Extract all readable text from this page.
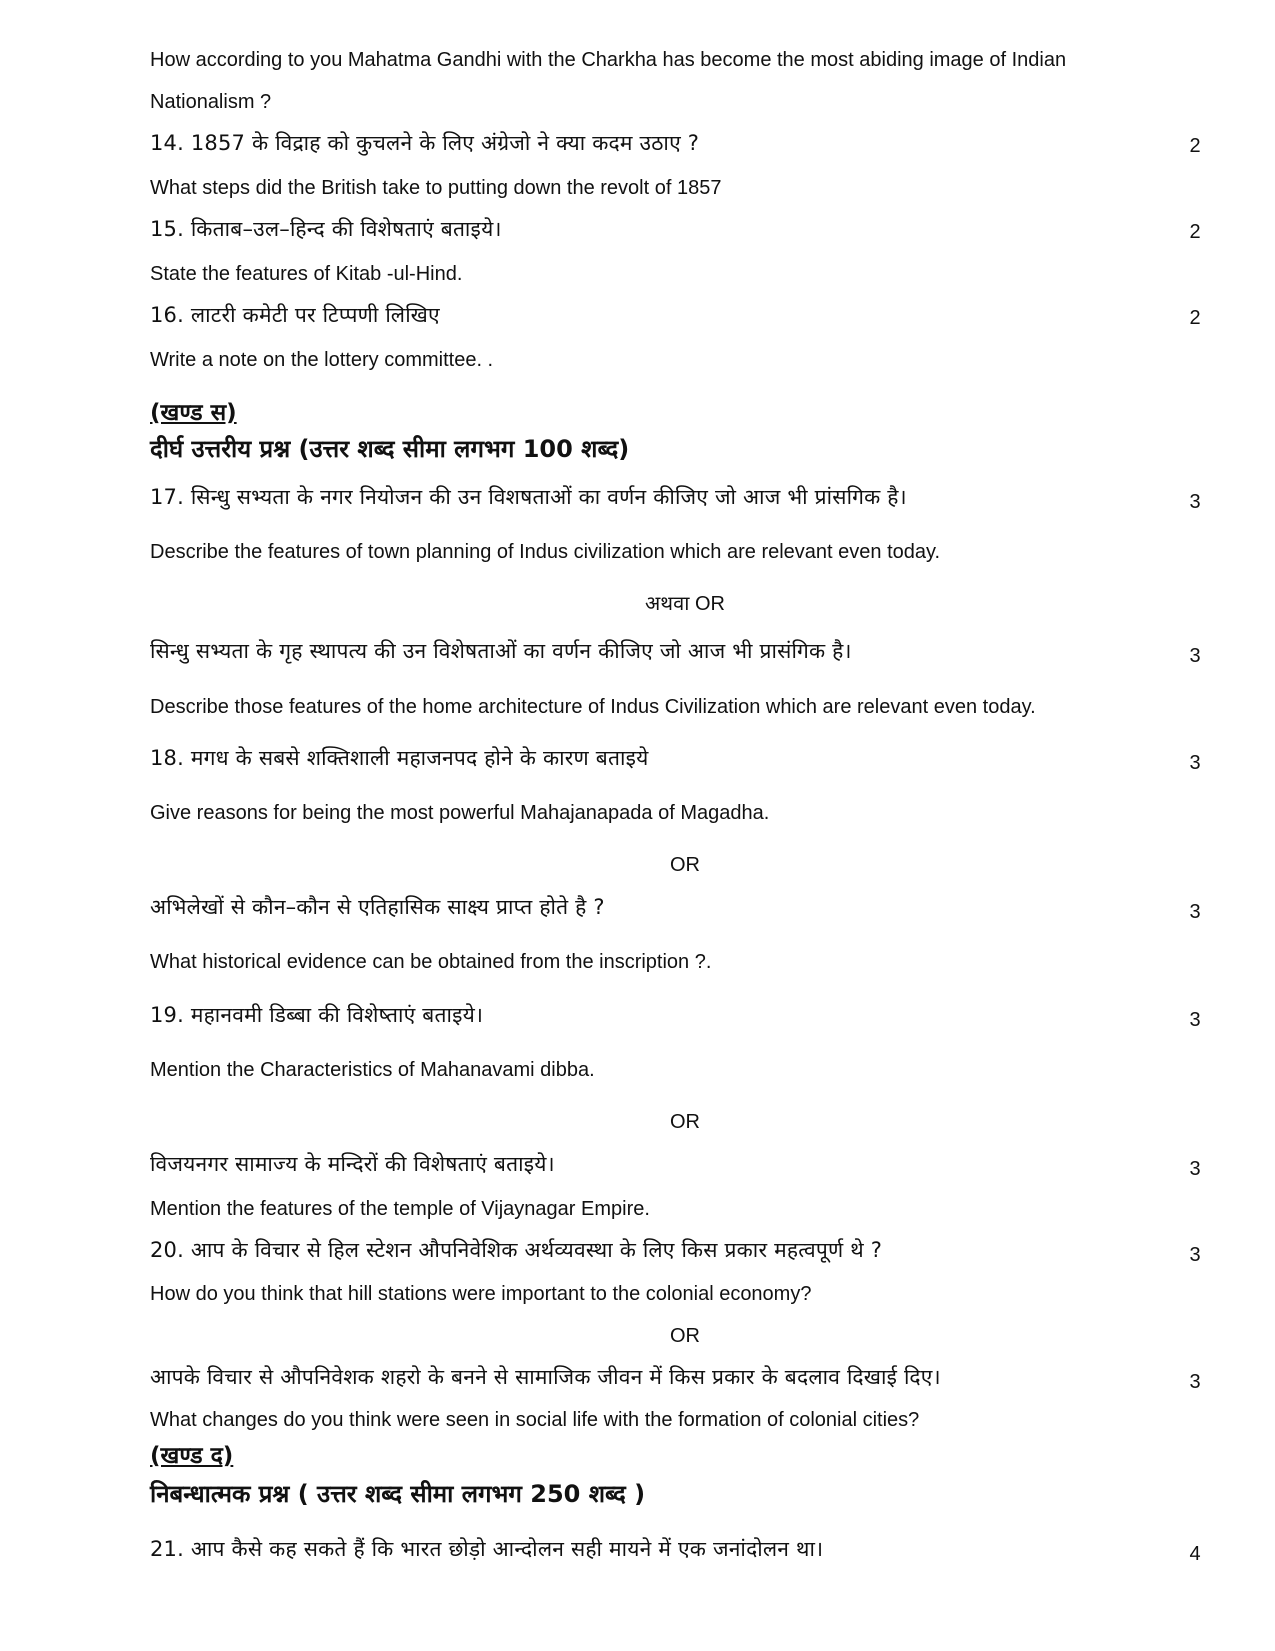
How according to you Mahatma Gandhi with the Charkha has become the most abiding image of Indian
Nationalism ?
14. 1857 के विद्राह को कुचलने के लिए अंग्रेजो ने क्या कदम उठाए ?	2
What steps did the British take to putting down the revolt of 1857
15. किताब–उल–हिन्द की विशेषताएं बताइये।	2
State the features of Kitab -ul-Hind.
16. लाटरी कमेटी पर टिप्पणी लिखिए	2
Write a note on the lottery committee. .
(खण्ड स)
दीर्घ उत्तरीय प्रश्न (उत्तर शब्द सीमा लगभग 100 शब्द)
17. सिन्धु सभ्यता के नगर नियोजन की उन विशषताओं का वर्णन कीजिए जो आज भी प्रांसगिक है।	3
Describe the features of town planning of Indus civilization which are relevant even today.
अथवा OR
सिन्धु सभ्यता के गृह स्थापत्य की उन विशेषताओं का वर्णन कीजिए जो आज भी प्रासंगिक है।	3
Describe those features of the home architecture of Indus Civilization which are relevant even today.
18. मगध के सबसे शक्तिशाली महाजनपद होने के कारण बताइये	3
Give reasons for being the most powerful Mahajanapada of Magadha.
OR
अभिलेखों से कौन–कौन से एतिहासिक साक्ष्य प्राप्त होते है ?	3
What historical evidence can be obtained from the inscription ?.
19. महानवमी डिब्बा की विशेष्ताएं बताइये।	3
Mention the Characteristics of Mahanavami dibba.
OR
विजयनगर सामाज्य के मन्दिरों की विशेषताएं बताइये।	3
Mention the features of the temple of Vijaynagar Empire.
20. आप के विचार से हिल स्टेशन औपनिवेशिक अर्थव्यवस्था के लिए किस प्रकार महत्वपूर्ण थे ?	3
How do you think that hill stations were important to the colonial economy?
OR
आपके विचार से औपनिवेशक शहरो के बनने से सामाजिक जीवन में किस प्रकार के बदलाव दिखाई दिए।	3
What changes do you think were seen in social life with the formation of colonial cities?
(खण्ड द)
निबन्धात्मक प्रश्न ( उत्तर शब्द सीमा लगभग 250 शब्द )
21. आप कैसे कह सकते हैं कि भारत छोड़ो आन्दोलन सही मायने में एक जनांदोलन था।	4
